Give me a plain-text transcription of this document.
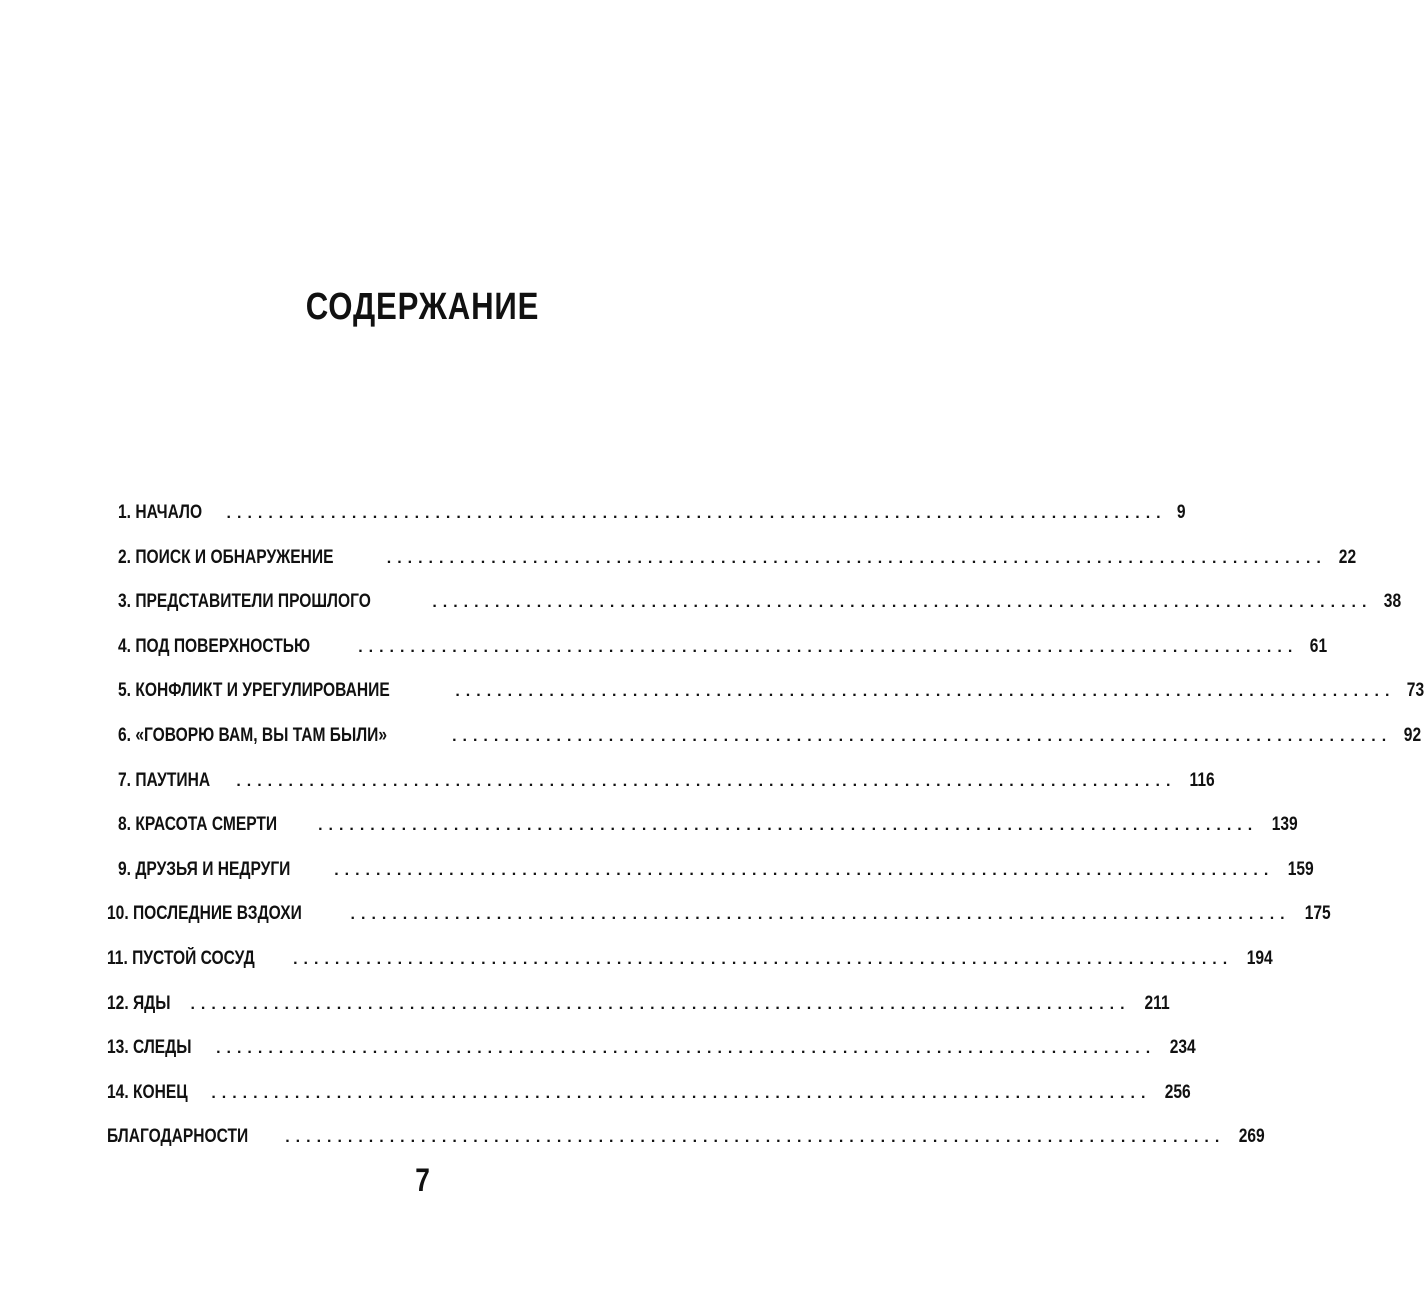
СОДЕРЖАНИЕ
1. НАЧАЛО .......................................................................................... 9
2. ПОИСК И ОБНАРУЖЕНИЕ	.......................................................................................... 22
3. ПРЕДСТАВИТЕЛИ ПРОШЛОГО	.......................................................................................... 38
4. ПОД ПОВЕРХНОСТЬЮ	.......................................................................................... 61
5. КОНФЛИКТ И УРЕГУЛИРОВАНИЕ	.......................................................................................... 73
6. «ГОВОРЮ ВАМ, ВЫ ТАМ БЫЛИ»	.......................................................................................... 92
7. ПАУТИНА .......................................................................................... 116
8. КРАСОТА СМЕРТИ	.......................................................................................... 139
9. ДРУЗЬЯ И НЕДРУГИ	.......................................................................................... 159
10. ПОСЛЕДНИЕ ВЗДОХИ	.......................................................................................... 175
11. ПУСТОЙ СОСУД .......................................................................................... 194
12. ЯДЫ .......................................................................................... 211
13. СЛЕДЫ .......................................................................................... 234
14. КОНЕЦ .......................................................................................... 256
БЛАГОДАРНОСТИ .......................................................................................... 269
7
